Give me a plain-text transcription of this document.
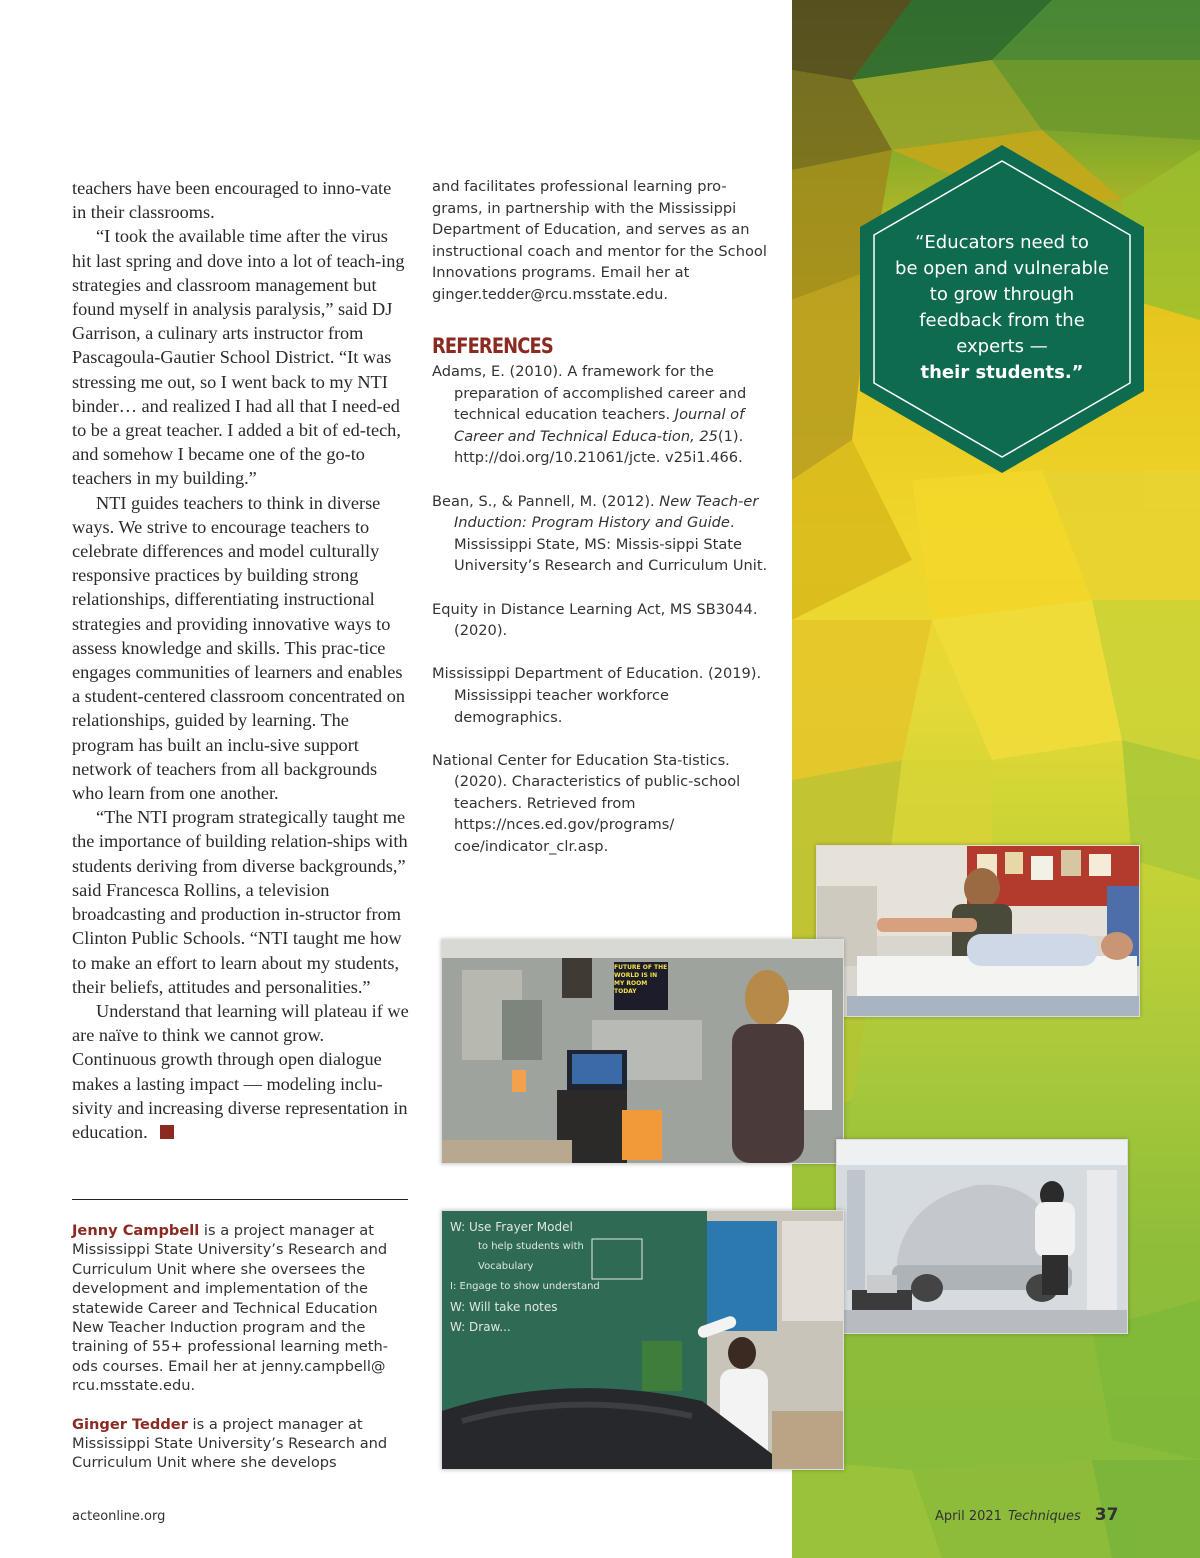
“Educators need to
be open and vulnerable
to grow through
feedback from the
experts —
their students.”

teachers have been encouraged to inno-vate in their classrooms.

“I took the available time after the virus hit last spring and dove into a lot of teach-ing strategies and classroom management but found myself in analysis paralysis,” said DJ Garrison, a culinary arts instructor from Pascagoula-Gautier School District. “It was stressing me out, so I went back to my NTI binder… and realized I had all that I need-ed to be a great teacher. I added a bit of ed-tech, and somehow I became one of the go-to teachers in my building.”

NTI guides teachers to think in diverse ways. We strive to encourage teachers to celebrate differences and model culturally responsive practices by building strong relationships, differentiating instructional strategies and providing innovative ways to assess knowledge and skills. This prac-tice engages communities of learners and enables a student-centered classroom concentrated on relationships, guided by learning. The program has built an inclu-sive support network of teachers from all backgrounds who learn from one another.

“The NTI program strategically taught me the importance of building relation-ships with students deriving from diverse backgrounds,” said Francesca Rollins, a television broadcasting and production in-structor from Clinton Public Schools. “NTI taught me how to make an effort to learn about my students, their beliefs, attitudes and personalities.”

Understand that learning will plateau if we are naïve to think we cannot grow. Continuous growth through open dialogue makes a lasting impact — modeling inclu-sivity and increasing diverse representation in education.

Jenny Campbell is a project manager at Mississippi State University’s Research and Curriculum Unit where she oversees the development and implementation of the statewide Career and Technical Education New Teacher Induction program and the training of 55+ professional learning meth-ods courses. Email her at jenny.campbell@ rcu.msstate.edu.

Ginger Tedder is a project manager at Mississippi State University’s Research and Curriculum Unit where she develops

and facilitates professional learning pro-grams, in partnership with the Mississippi Department of Education, and serves as an instructional coach and mentor for the School Innovations programs. Email her at ginger.tedder@rcu.msstate.edu.

REFERENCES

Adams, E. (2010). A framework for the preparation of accomplished career and technical education teachers. Journal of Career and Technical Educa-tion, 25(1). http://doi.org/10.21061/jcte. v25i1.466.

Bean, S., & Pannell, M. (2012). New Teach-er Induction: Program History and Guide. Mississippi State, MS: Missis-sippi State University’s Research and Curriculum Unit.

Equity in Distance Learning Act, MS SB3044. (2020).

Mississippi Department of Education. (2019). Mississippi teacher workforce demographics.

National Center for Education Sta-tistics. (2020). Characteristics of public-school teachers. Retrieved from https://nces.ed.gov/programs/ coe/indicator_clr.asp.

FUTURE OF THE WORLD IS IN MY ROOM TODAY
W: Use Frayer Model
to help students with
Vocabulary
I: Engage to show understand
W: Will take notes
W: Draw...
acteonline.org	April 2021 Techniques 37
